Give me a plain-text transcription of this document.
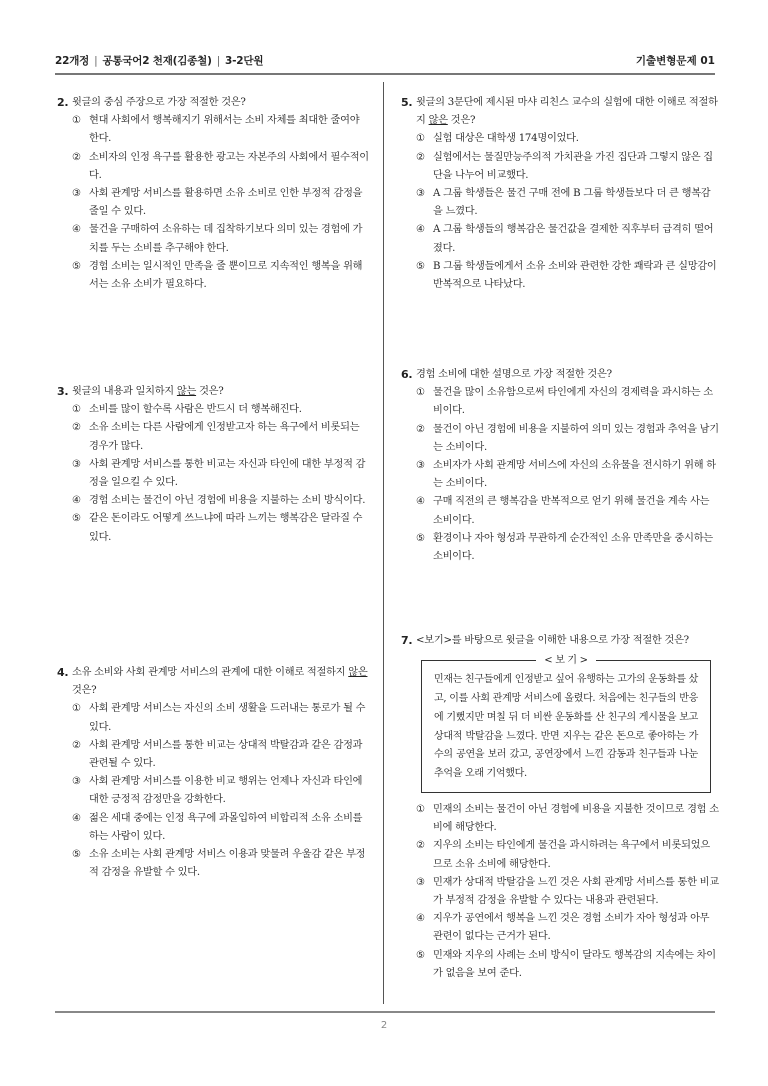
22개정 | 공통국어2 천재(김종철) | 3-2단원	기출변형문제 01
2. 윗글의 중심 주장으로 가장 적절한 것은?
① 현대 사회에서 행복해지기 위해서는 소비 자체를 최대한 줄여야 한다.
② 소비자의 인정 욕구를 활용한 광고는 자본주의 사회에서 필수적이다.
③ 사회 관계망 서비스를 활용하면 소유 소비로 인한 부정적 감정을 줄일 수 있다.
④ 물건을 구매하여 소유하는 데 집착하기보다 의미 있는 경험에 가치를 두는 소비를 추구해야 한다.
⑤ 경험 소비는 일시적인 만족을 줄 뿐이므로 지속적인 행복을 위해서는 소유 소비가 필요하다.
3. 윗글의 내용과 일치하지 않는 것은?
① 소비를 많이 할수록 사람은 반드시 더 행복해진다.
② 소유 소비는 다른 사람에게 인정받고자 하는 욕구에서 비롯되는 경우가 많다.
③ 사회 관계망 서비스를 통한 비교는 자신과 타인에 대한 부정적 감정을 일으킬 수 있다.
④ 경험 소비는 물건이 아닌 경험에 비용을 지불하는 소비 방식이다.
⑤ 같은 돈이라도 어떻게 쓰느냐에 따라 느끼는 행복감은 달라질 수 있다.
4. 소유 소비와 사회 관계망 서비스의 관계에 대한 이해로 적절하지 않은 것은?
① 사회 관계망 서비스는 자신의 소비 생활을 드러내는 통로가 될 수 있다.
② 사회 관계망 서비스를 통한 비교는 상대적 박탈감과 같은 감정과 관련될 수 있다.
③ 사회 관계망 서비스를 이용한 비교 행위는 언제나 자신과 타인에 대한 긍정적 감정만을 강화한다.
④ 젊은 세대 중에는 인정 욕구에 과몰입하여 비합리적 소유 소비를 하는 사람이 있다.
⑤ 소유 소비는 사회 관계망 서비스 이용과 맞물려 우울감 같은 부정적 감정을 유발할 수 있다.
5. 윗글의 3문단에 제시된 마샤 리친스 교수의 실험에 대한 이해로 적절하지 않은 것은?
① 실험 대상은 대학생 174명이었다.
② 실험에서는 물질만능주의적 가치관을 가진 집단과 그렇지 않은 집단을 나누어 비교했다.
③ A 그룹 학생들은 물건 구매 전에 B 그룹 학생들보다 더 큰 행복감을 느꼈다.
④ A 그룹 학생들의 행복감은 물건값을 결제한 직후부터 급격히 떨어졌다.
⑤ B 그룹 학생들에게서 소유 소비와 관련한 강한 쾌락과 큰 실망감이 반복적으로 나타났다.
6. 경험 소비에 대한 설명으로 가장 적절한 것은?
① 물건을 많이 소유함으로써 타인에게 자신의 경제력을 과시하는 소비이다.
② 물건이 아닌 경험에 비용을 지불하여 의미 있는 경험과 추억을 남기는 소비이다.
③ 소비자가 사회 관계망 서비스에 자신의 소유물을 전시하기 위해 하는 소비이다.
④ 구매 직전의 큰 행복감을 반복적으로 얻기 위해 물건을 계속 사는 소비이다.
⑤ 환경이나 자아 형성과 무관하게 순간적인 소유 만족만을 중시하는 소비이다.
7. <보기>를 바탕으로 윗글을 이해한 내용으로 가장 적절한 것은?
< 보 기 >
민재는 친구들에게 인정받고 싶어 유행하는 고가의 운동화를 샀고, 이를 사회 관계망 서비스에 올렸다. 처음에는 친구들의 반응에 기뻤지만 며칠 뒤 더 비싼 운동화를 산 친구의 게시물을 보고 상대적 박탈감을 느꼈다. 반면 지우는 같은 돈으로 좋아하는 가수의 공연을 보러 갔고, 공연장에서 느낀 감동과 친구들과 나눈 추억을 오래 기억했다.
① 민재의 소비는 물건이 아닌 경험에 비용을 지불한 것이므로 경험 소비에 해당한다.
② 지우의 소비는 타인에게 물건을 과시하려는 욕구에서 비롯되었으므로 소유 소비에 해당한다.
③ 민재가 상대적 박탈감을 느낀 것은 사회 관계망 서비스를 통한 비교가 부정적 감정을 유발할 수 있다는 내용과 관련된다.
④ 지우가 공연에서 행복을 느낀 것은 경험 소비가 자아 형성과 아무 관련이 없다는 근거가 된다.
⑤ 민재와 지우의 사례는 소비 방식이 달라도 행복감의 지속에는 차이가 없음을 보여 준다.
2
